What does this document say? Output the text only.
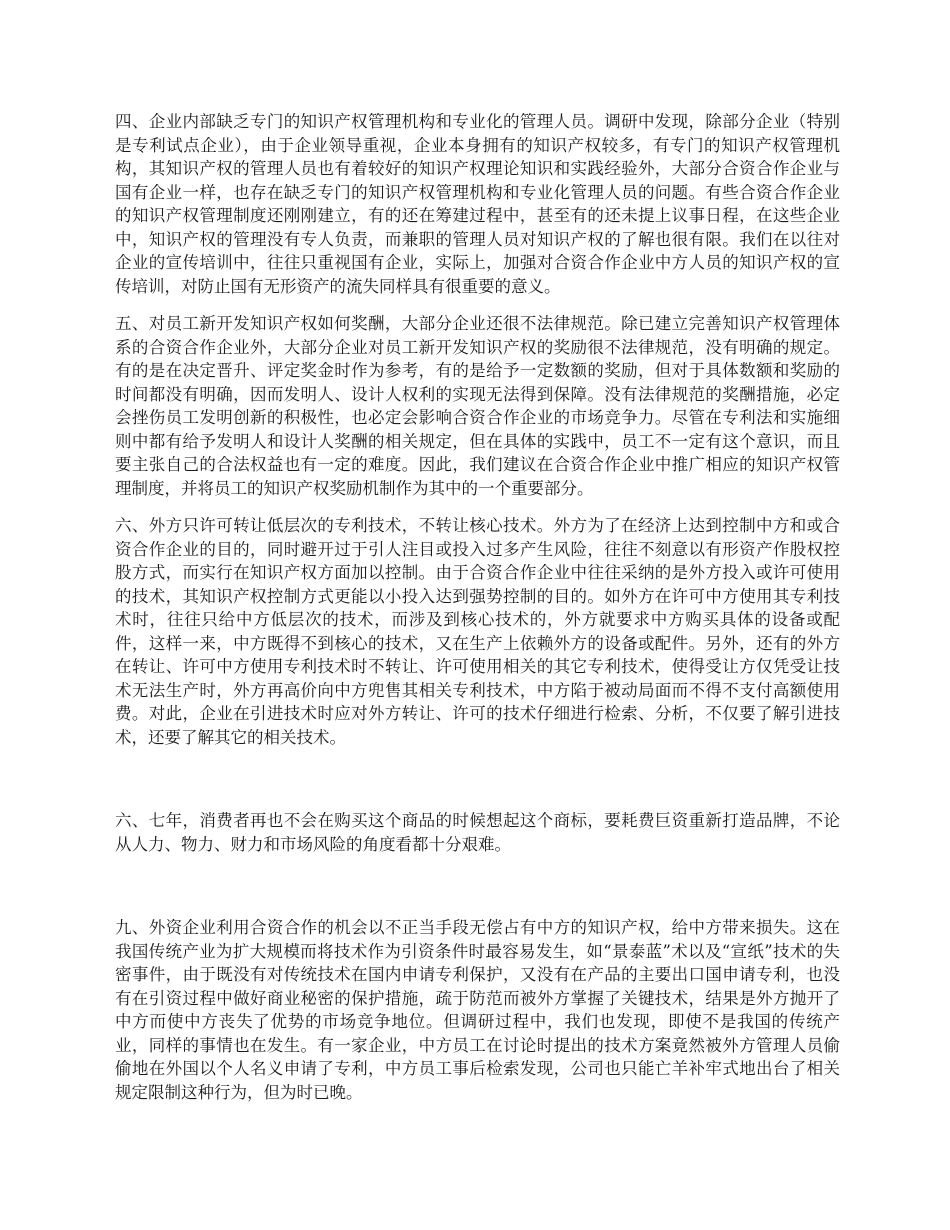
四、企业内部缺乏专门的知识产权管理机构和专业化的管理人员。调研中发现，除部分企业（特别是专利试点企业），由于企业领导重视，企业本身拥有的知识产权较多，有专门的知识产权管理机构，其知识产权的管理人员也有着较好的知识产权理论知识和实践经验外，大部分合资合作企业与国有企业一样，也存在缺乏专门的知识产权管理机构和专业化管理人员的问题。有些合资合作企业的知识产权管理制度还刚刚建立，有的还在筹建过程中，甚至有的还未提上议事日程，在这些企业中，知识产权的管理没有专人负责，而兼职的管理人员对知识产权的了解也很有限。我们在以往对企业的宣传培训中，往往只重视国有企业，实际上，加强对合资合作企业中方人员的知识产权的宣传培训，对防止国有无形资产的流失同样具有很重要的意义。

五、对员工新开发知识产权如何奖酬，大部分企业还很不法律规范。除已建立完善知识产权管理体系的合资合作企业外，大部分企业对员工新开发知识产权的奖励很不法律规范，没有明确的规定。有的是在决定晋升、评定奖金时作为参考，有的是给予一定数额的奖励，但对于具体数额和奖励的时间都没有明确，因而发明人、设计人权利的实现无法得到保障。没有法律规范的奖酬措施，必定会挫伤员工发明创新的积极性，也必定会影响合资合作企业的市场竞争力。尽管在专利法和实施细则中都有给予发明人和设计人奖酬的相关规定，但在具体的实践中，员工不一定有这个意识，而且要主张自己的合法权益也有一定的难度。因此，我们建议在合资合作企业中推广相应的知识产权管理制度，并将员工的知识产权奖励机制作为其中的一个重要部分。

六、外方只许可转让低层次的专利技术，不转让核心技术。外方为了在经济上达到控制中方和或合资合作企业的目的，同时避开过于引人注目或投入过多产生风险，往往不刻意以有形资产作股权控股方式，而实行在知识产权方面加以控制。由于合资合作企业中往往采纳的是外方投入或许可使用的技术，其知识产权控制方式更能以小投入达到强势控制的目的。如外方在许可中方使用其专利技术时，往往只给中方低层次的技术，而涉及到核心技术的，外方就要求中方购买具体的设备或配件，这样一来，中方既得不到核心的技术，又在生产上依赖外方的设备或配件。另外，还有的外方在转让、许可中方使用专利技术时不转让、许可使用相关的其它专利技术，使得受让方仅凭受让技术无法生产时，外方再高价向中方兜售其相关专利技术，中方陷于被动局面而不得不支付高额使用费。对此，企业在引进技术时应对外方转让、许可的技术仔细进行检索、分析，不仅要了解引进技术，还要了解其它的相关技术。

六、七年，消费者再也不会在购买这个商品的时候想起这个商标，要耗费巨资重新打造品牌，不论从人力、物力、财力和市场风险的角度看都十分艰难。

九、外资企业利用合资合作的机会以不正当手段无偿占有中方的知识产权，给中方带来损失。这在我国传统产业为扩大规模而将技术作为引资条件时最容易发生，如“景泰蓝”术以及“宣纸”技术的失密事件，由于既没有对传统技术在国内申请专利保护，又没有在产品的主要出口国申请专利，也没有在引资过程中做好商业秘密的保护措施，疏于防范而被外方掌握了关键技术，结果是外方抛开了中方而使中方丧失了优势的市场竞争地位。但调研过程中，我们也发现，即使不是我国的传统产业，同样的事情也在发生。有一家企业，中方员工在讨论时提出的技术方案竟然被外方管理人员偷偷地在外国以个人名义申请了专利，中方员工事后检索发现，公司也只能亡羊补牢式地出台了相关规定限制这种行为，但为时已晚。
